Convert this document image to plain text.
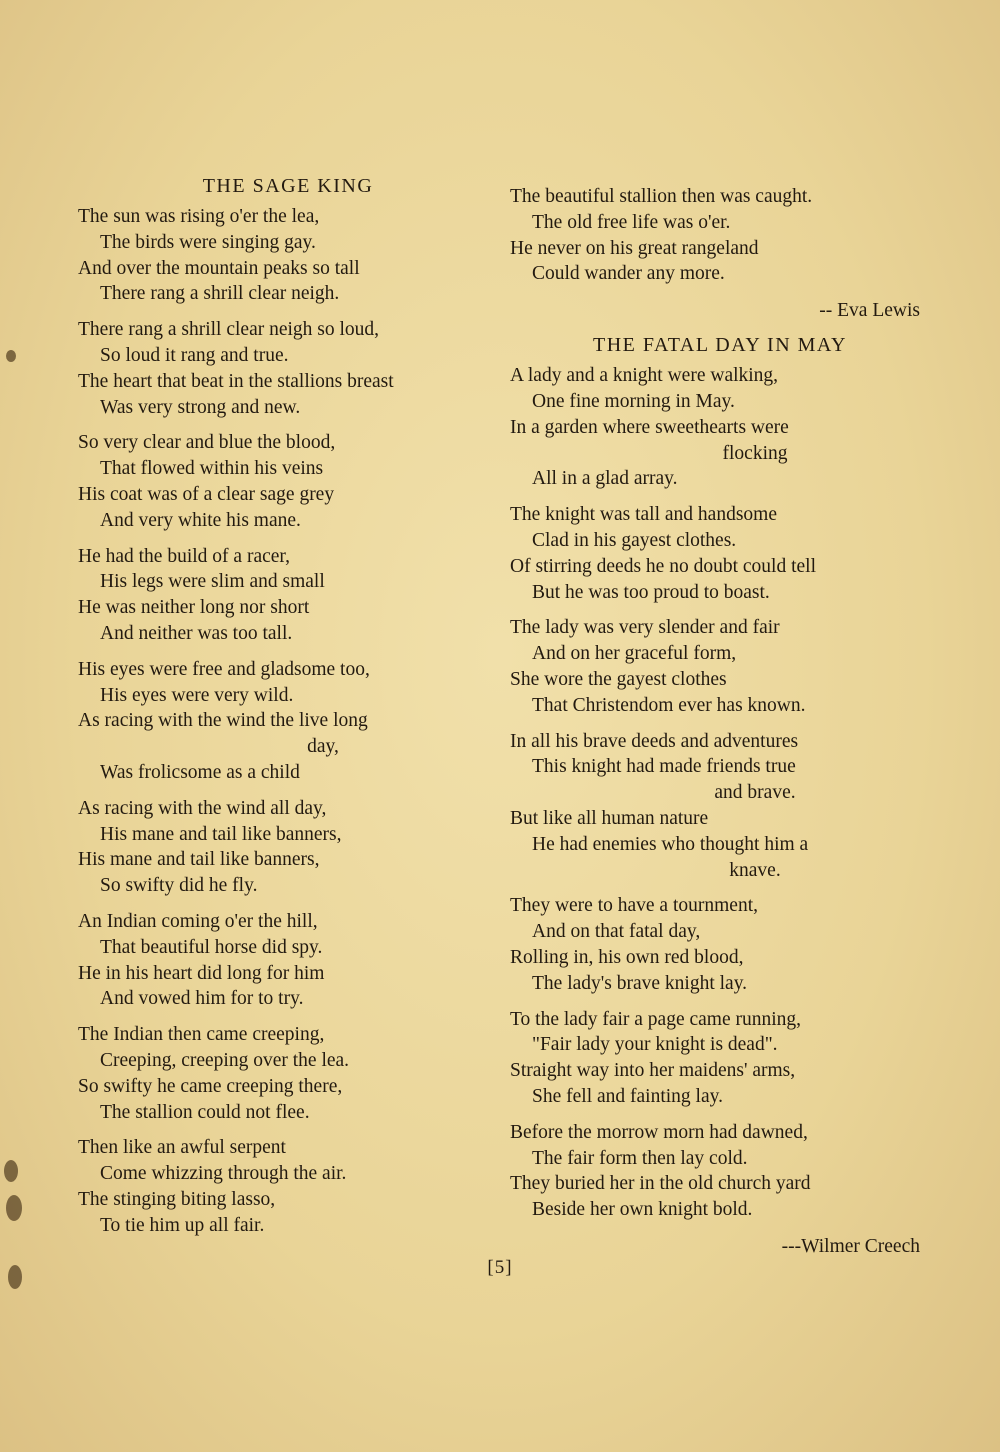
THE SAGE KING
The sun was rising o'er the lea,
The birds were singing gay.
And over the mountain peaks so tall
There rang a shrill clear neigh.
There rang a shrill clear neigh so loud,
So loud it rang and true.
The heart that beat in the stallions breast
Was very strong and new.
So very clear and blue the blood,
That flowed within his veins
His coat was of a clear sage grey
And very white his mane.
He had the build of a racer,
His legs were slim and small
He was neither long nor short
And neither was too tall.
His eyes were free and gladsome too,
His eyes were very wild.
As racing with the wind the live long
day,
Was frolicsome as a child
As racing with the wind all day,
His mane and tail like banners,
His mane and tail like banners,
So swifty did he fly.
An Indian coming o'er the hill,
That beautiful horse did spy.
He in his heart did long for him
And vowed him for to try.
The Indian then came creeping,
Creeping, creeping over the lea.
So swifty he came creeping there,
The stallion could not flee.
Then like an awful serpent
Come whizzing through the air.
The stinging biting lasso,
To tie him up all fair.
The beautiful stallion then was caught.
The old free life was o'er.
He never on his great rangeland
Could wander any more.
-- Eva Lewis
THE FATAL DAY IN MAY
A lady and a knight were walking,
One fine morning in May.
In a garden where sweethearts were
flocking
All in a glad array.
The knight was tall and handsome
Clad in his gayest clothes.
Of stirring deeds he no doubt could tell
But he was too proud to boast.
The lady was very slender and fair
And on her graceful form,
She wore the gayest clothes
That Christendom ever has known.
In all his brave deeds and adventures
This knight had made friends true
and brave.
But like all human nature
He had enemies who thought him a
knave.
They were to have a tournment,
And on that fatal day,
Rolling in, his own red blood,
The lady's brave knight lay.
To the lady fair a page came running,
"Fair lady your knight is dead".
Straight way into her maidens' arms,
She fell and fainting lay.
Before the morrow morn had dawned,
The fair form then lay cold.
They buried her in the old church yard
Beside her own knight bold.
---Wilmer Creech
[5]
